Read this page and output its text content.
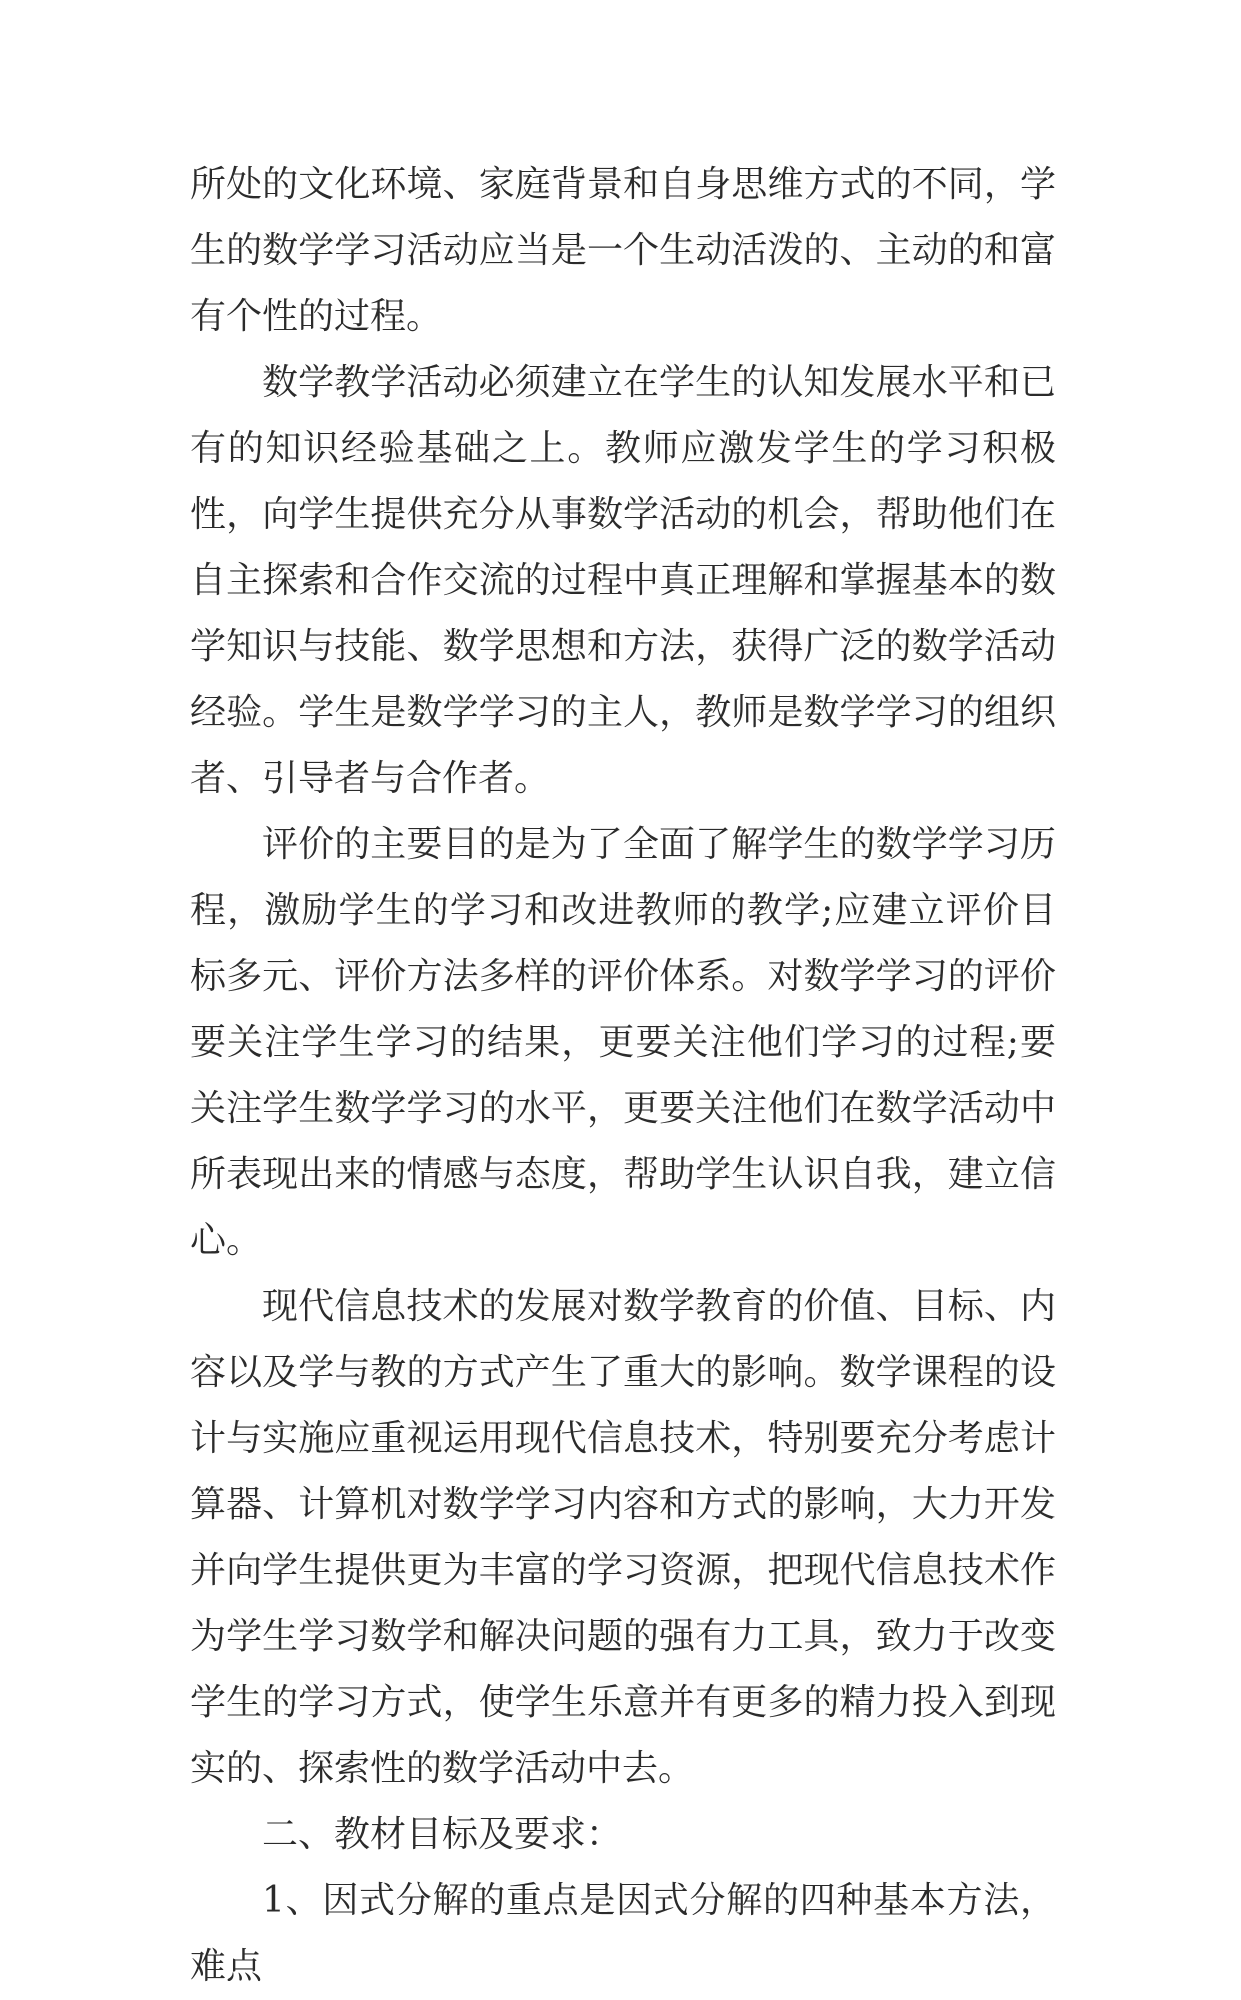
所处的文化环境、家庭背景和自身思维方式的不同，学生的数学学习活动应当是一个生动活泼的、主动的和富有个性的过程。

数学教学活动必须建立在学生的认知发展水平和已有的知识经验基础之上。教师应激发学生的学习积极性，向学生提供充分从事数学活动的机会，帮助他们在自主探索和合作交流的过程中真正理解和掌握基本的数学知识与技能、数学思想和方法，获得广泛的数学活动经验。学生是数学学习的主人，教师是数学学习的组织者、引导者与合作者。

评价的主要目的是为了全面了解学生的数学学习历程，激励学生的学习和改进教师的教学;应建立评价目标多元、评价方法多样的评价体系。对数学学习的评价要关注学生学习的结果，更要关注他们学习的过程;要关注学生数学学习的水平，更要关注他们在数学活动中所表现出来的情感与态度，帮助学生认识自我，建立信心。

现代信息技术的发展对数学教育的价值、目标、内容以及学与教的方式产生了重大的影响。数学课程的设计与实施应重视运用现代信息技术，特别要充分考虑计算器、计算机对数学学习内容和方式的影响，大力开发并向学生提供更为丰富的学习资源，把现代信息技术作为学生学习数学和解决问题的强有力工具，致力于改变学生的学习方式，使学生乐意并有更多的精力投入到现实的、探索性的数学活动中去。

二、教材目标及要求：

1、因式分解的重点是因式分解的四种基本方法，难点
